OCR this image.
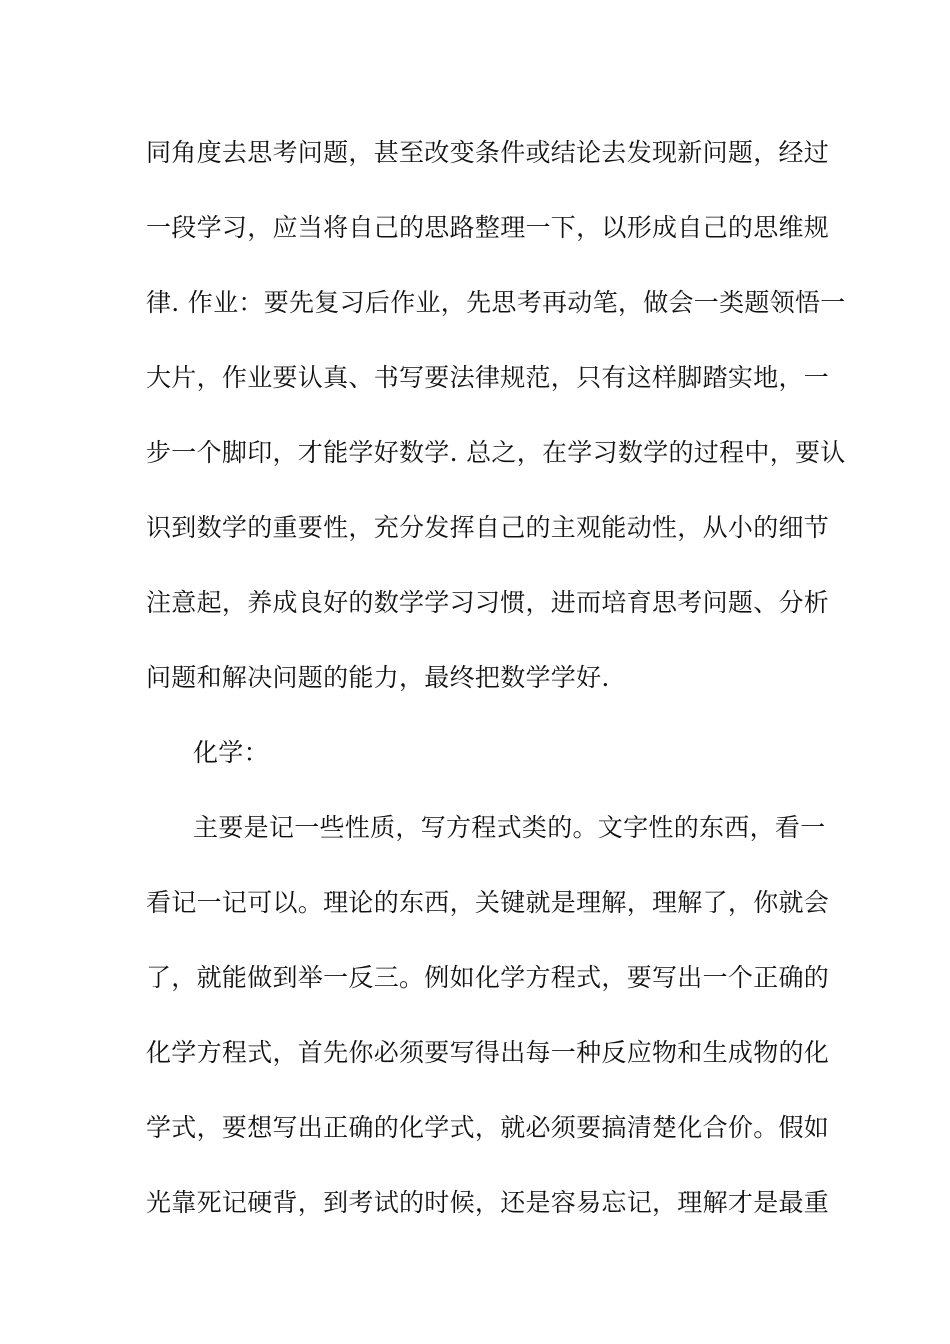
同角度去思考问题，甚至改变条件或结论去发现新问题，经过
一段学习，应当将自己的思路整理一下，以形成自己的思维规
律. 作业：要先复习后作业，先思考再动笔，做会一类题领悟一
大片，作业要认真、书写要法律规范，只有这样脚踏实地，一
步一个脚印，才能学好数学. 总之，在学习数学的过程中，要认
识到数学的重要性，充分发挥自己的主观能动性，从小的细节
注意起，养成良好的数学学习习惯，进而培育思考问题、分析
问题和解决问题的能力，最终把数学学好.
化学：
主要是记一些性质，写方程式类的。文字性的东西，看一
看记一记可以。理论的东西，关键就是理解，理解了，你就会
了，就能做到举一反三。例如化学方程式，要写出一个正确的
化学方程式，首先你必须要写得出每一种反应物和生成物的化
学式，要想写出正确的化学式，就必须要搞清楚化合价。假如
光靠死记硬背，到考试的时候，还是容易忘记，理解才是最重
